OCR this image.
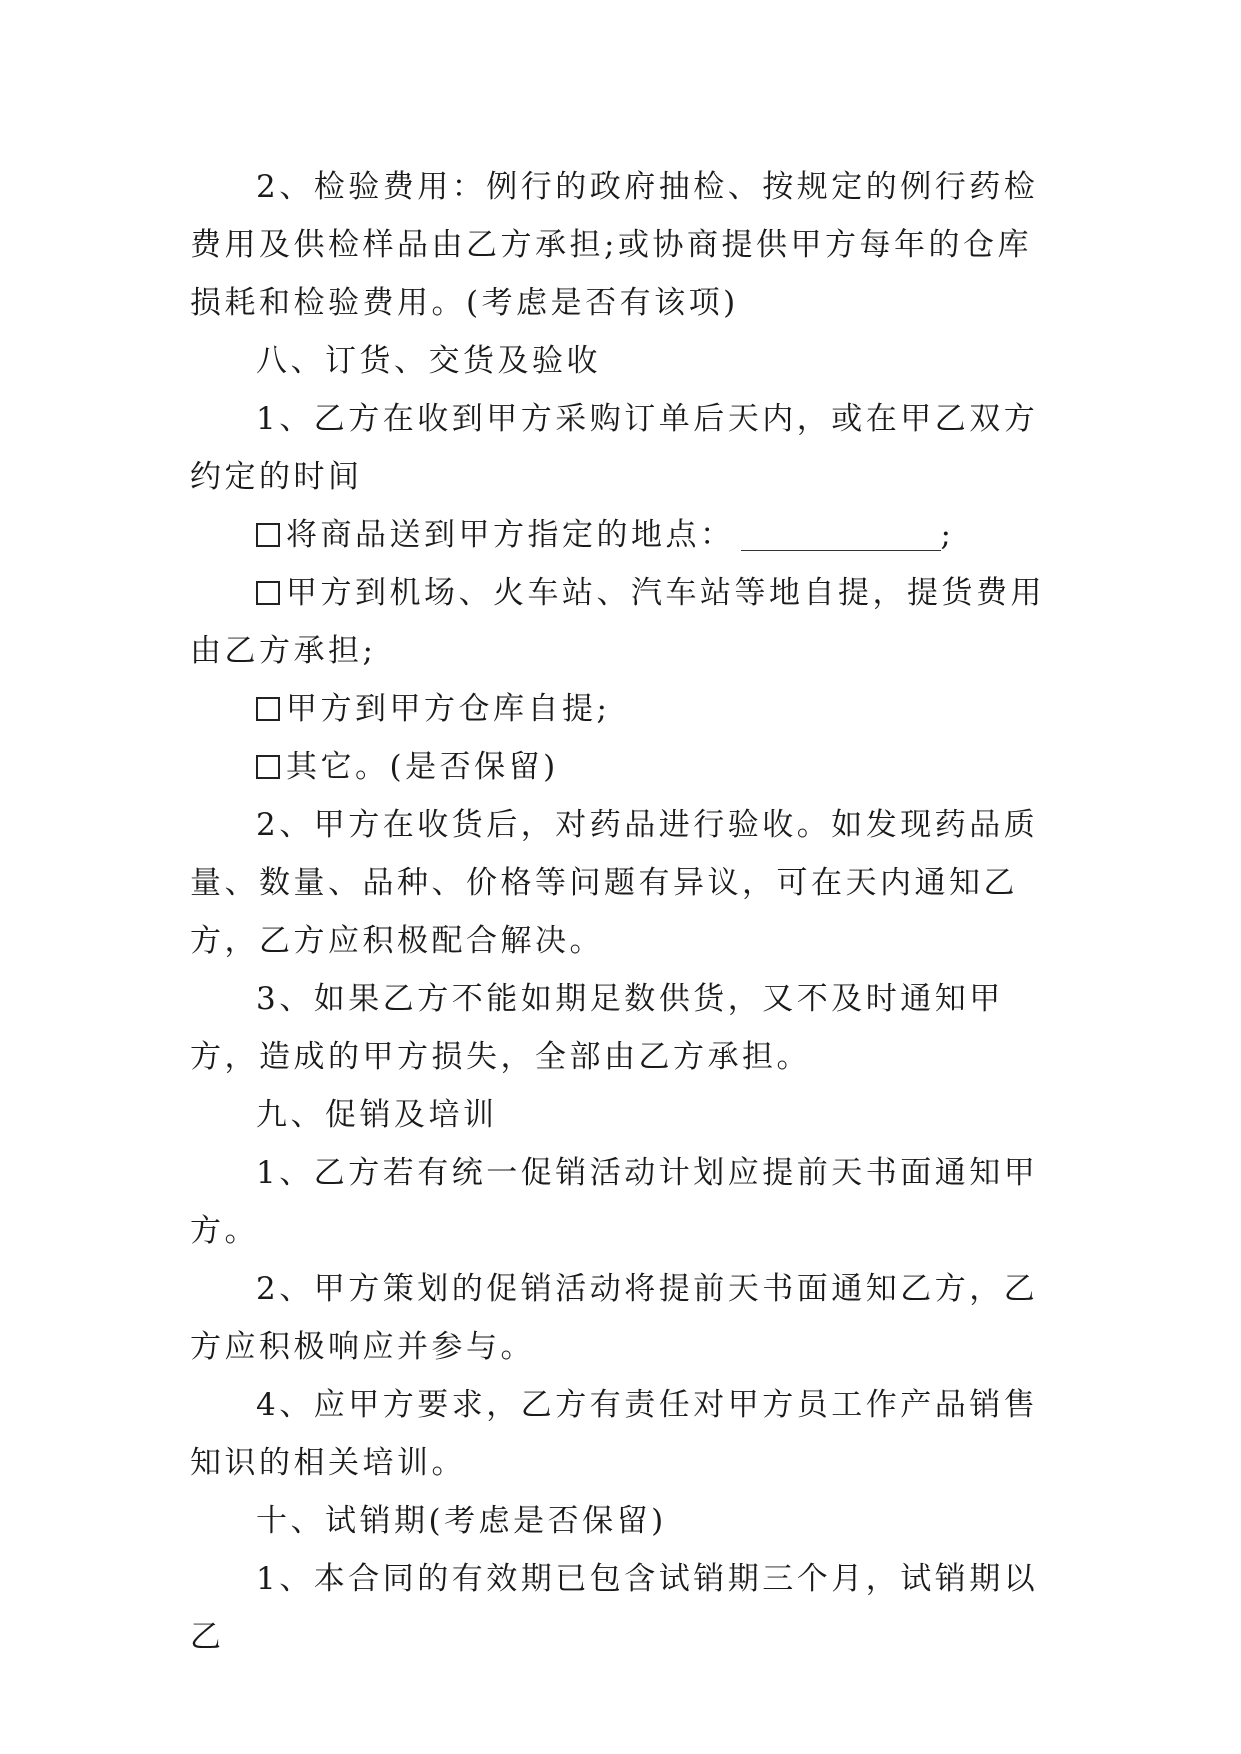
2、检验费用：例行的政府抽检、按规定的例行药检费用及供检样品由乙方承担;或协商提供甲方每年的仓库损耗和检验费用。(考虑是否有该项)

八、订货、交货及验收

1、乙方在收到甲方采购订单后天内，或在甲乙双方约定的时间

将商品送到甲方指定的地点：	;

甲方到机场、火车站、汽车站等地自提，提货费用由乙方承担;

甲方到甲方仓库自提;

其它。(是否保留)

2、甲方在收货后，对药品进行验收。如发现药品质量、数量、品种、价格等问题有异议，可在天内通知乙方，乙方应积极配合解决。

3、如果乙方不能如期足数供货，又不及时通知甲方，造成的甲方损失，全部由乙方承担。

九、促销及培训

1、乙方若有统一促销活动计划应提前天书面通知甲方。

2、甲方策划的促销活动将提前天书面通知乙方，乙方应积极响应并参与。

4、应甲方要求，乙方有责任对甲方员工作产品销售知识的相关培训。

十、试销期(考虑是否保留)

1、本合同的有效期已包含试销期三个月，试销期以乙
